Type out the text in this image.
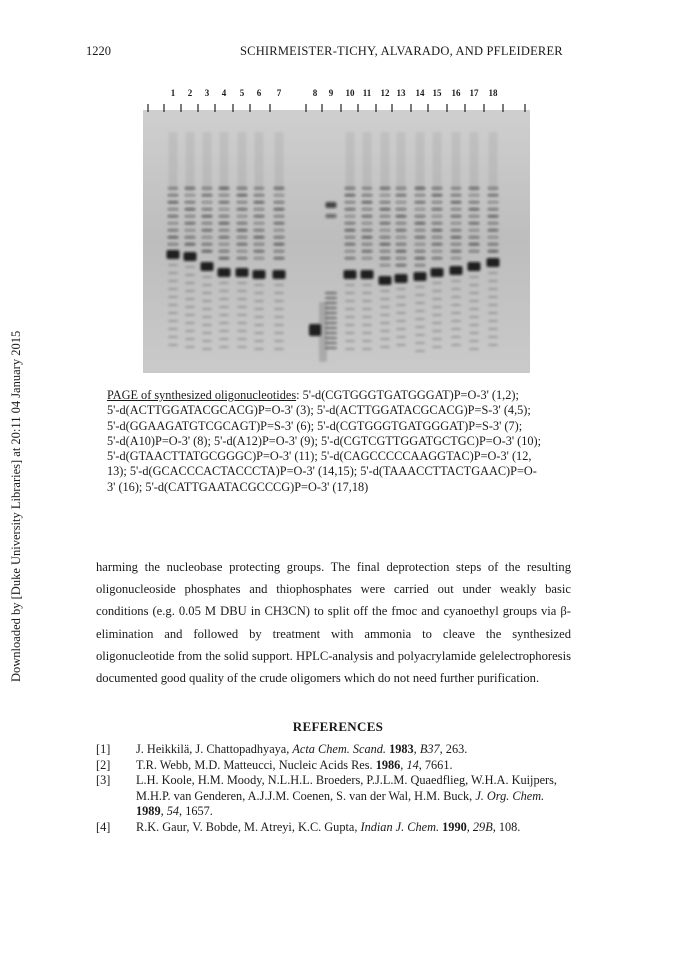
1220	SCHIRMEISTER-TICHY, ALVARADO, AND PFLEIDERER
Downloaded by [Duke University Libraries] at 20:11 04 January 2015
1 2 3 4 5 6 7	8 9 10 11 12 13 14 15 16 17 18

PAGE of synthesized oligonucleotides: 5'-d(CGTGGGTGATGGGAT)P=O-3' (1,2);
5'-d(ACTTGGATACGCACG)P=O-3' (3); 5'-d(ACTTGGATACGCACG)P=S-3' (4,5);
5'-d(GGAAGATGTCGCAGT)P=S-3' (6); 5'-d(CGTGGGTGATGGGAT)P=S-3' (7);
5'-d(A10)P=O-3' (8); 5'-d(A12)P=O-3' (9); 5'-d(CGTCGTTGGATGCTGC)P=O-3' (10);
5'-d(GTAACTTATGCGGGC)P=O-3' (11); 5'-d(CAGCCCCCAAGGTAC)P=O-3' (12,
13); 5'-d(GCACCCACTACCCTA)P=O-3' (14,15); 5'-d(TAAACCTTACTGAAC)P=O-
3' (16); 5'-d(CATTGAATACGCCCG)P=O-3' (17,18)

harming the nucleobase protecting groups. The final deprotection steps of the resulting oligonucleoside phosphates and thiophosphates were carried out under weakly basic conditions (e.g. 0.05 M DBU in CH3CN) to split off the fmoc and cyanoethyl groups via β-elimination and followed by treatment with ammonia to cleave the synthesized oligonucleotide from the solid support. HPLC-analysis and polyacrylamide gelelectrophoresis documented good quality of the crude oligomers which do not need further purification.

REFERENCES
[1] J. Heikkilä, J. Chattopadhyaya, Acta Chem. Scand. 1983, B37, 263.
[2] T.R. Webb, M.D. Matteucci, Nucleic Acids Res. 1986, 14, 7661.
[3] L.H. Koole, H.M. Moody, N.L.H.L. Broeders, P.J.L.M. Quaedflieg, W.H.A. Kuijpers, M.H.P. van Genderen, A.J.J.M. Coenen, S. van der Wal, H.M. Buck, J. Org. Chem. 1989, 54, 1657.
[4] R.K. Gaur, V. Bobde, M. Atreyi, K.C. Gupta, Indian J. Chem. 1990, 29B, 108.
